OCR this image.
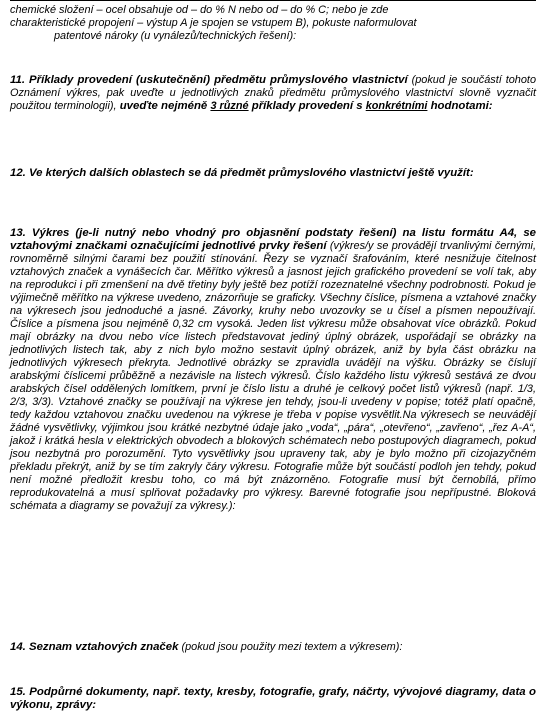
chemické složení – ocel obsahuje od – do % N nebo od – do % C; nebo je zde
charakteristické propojení – výstup A je spojen se vstupem B), pokuste naformulovat
patentové nároky (u vynálezů/technických řešení):

11. Příklady provedení (uskutečnění) předmětu průmyslového vlastnictví (pokud je součástí tohoto Oznámení výkres, pak uveďte u jednotlivých znaků předmětu průmyslového vlastnictví slovně vyznačit použitou terminologii), uveďte nejméně 3 různé příklady provedení s konkrétními hodnotami:

12. Ve kterých dalších oblastech se dá předmět průmyslového vlastnictví ještě využít:

13. Výkres (je-li nutný nebo vhodný pro objasnění podstaty řešení) na listu formátu A4, se vztahovými značkami označujícími jednotlivé prvky řešení (výkres/y se provádějí trvanlivými černými, rovnoměrně silnými čarami bez použití stínování. Řezy se vyznačí šrafováním, které nesnižuje čitelnost vztahových značek a vynášecích čar. Měřítko výkresů a jasnost jejich grafického provedení se volí tak, aby na reprodukci i při zmenšení na dvě třetiny byly ještě bez potíží rozeznatelné všechny podrobnosti. Pokud je výjimečně měřítko na výkrese uvedeno, znázorňuje se graficky. Všechny číslice, písmena a vztahové značky na výkresech jsou jednoduché a jasné. Závorky, kruhy nebo uvozovky se u čísel a písmen nepoužívají. Číslice a písmena jsou nejméně 0,32 cm vysoká. Jeden list výkresu může obsahovat více obrázků. Pokud mají obrázky na dvou nebo více listech představovat jediný úplný obrázek, uspořádají se obrázky na jednotlivých listech tak, aby z nich bylo možno sestavit úplný obrázek, aniž by byla část obrázku na jednotlivých výkresech překryta. Jednotlivé obrázky se zpravidla uvádějí na výšku. Obrázky se číslují arabskými číslicemi průběžně a nezávisle na listech výkresů. Číslo každého listu výkresů sestává ze dvou arabských čísel oddělených lomítkem, první je číslo listu a druhé je celkový počet listů výkresů (např. 1/3, 2/3, 3/3). Vztahové značky se používají na výkrese jen tehdy, jsou-li uvedeny v popise; totéž platí opačně, tedy každou vztahovou značku uvedenou na výkrese je třeba v popise vysvětlit.Na výkresech se neuvádějí žádné vysvětlivky, výjimkou jsou krátké nezbytné údaje jako „voda“, „pára“, „otevřeno“, „zavřeno“, „řez A-A“, jakož i krátká hesla v elektrických obvodech a blokových schématech nebo postupových diagramech, pokud jsou nezbytná pro porozumění. Tyto vysvětlivky jsou upraveny tak, aby je bylo možno při cizojazyčném překladu překrýt, aniž by se tím zakryly čáry výkresu. Fotografie může být součástí podloh jen tehdy, pokud není možné předložit kresbu toho, co má být znázorněno. Fotografie musí být černobílá, přímo reprodukovatelná a musí splňovat požadavky pro výkresy. Barevné fotografie jsou nepřípustné. Bloková schémata a diagramy se považují za výkresy.):

14. Seznam vztahových značek (pokud jsou použity mezi textem a výkresem):

15. Podpůrné dokumenty, např. texty, kresby, fotografie, grafy, náčrty, vývojové diagramy, data o výkonu, zprávy:
